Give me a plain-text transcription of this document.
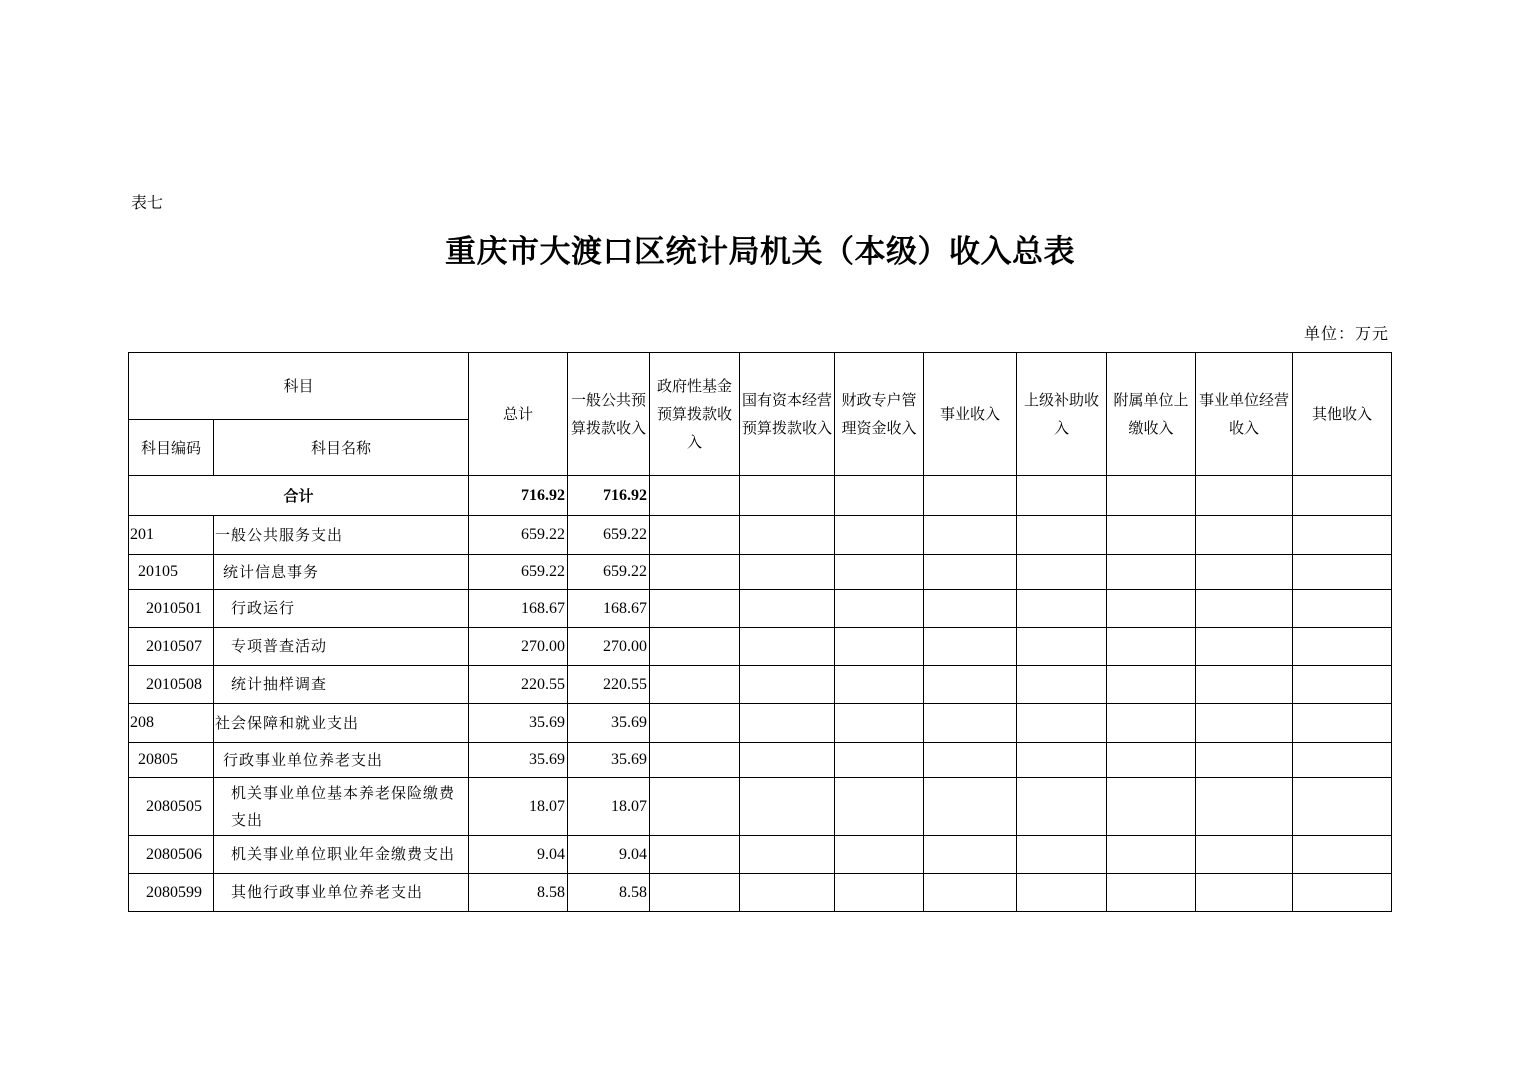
表七
重庆市大渡口区统计局机关（本级）收入总表
单位：万元
科目		总计	一般公共预算拨款收入	政府性基金预算拨款收入	国有资本经营预算拨款收入	财政专户管理资金收入	事业收入	上级补助收入	附属单位上缴收入	事业单位经营收入	其他收入
科目编码	科目名称										
合计		716.92	716.92								
201	一般公共服务支出	659.22	659.22								
20105	统计信息事务	659.22	659.22								
2010501	行政运行	168.67	168.67								
2010507	专项普查活动	270.00	270.00								
2010508	统计抽样调查	220.55	220.55								
208	社会保障和就业支出	35.69	35.69								
20805	行政事业单位养老支出	35.69	35.69								
2080505	机关事业单位基本养老保险缴费支出	18.07	18.07								
2080506	机关事业单位职业年金缴费支出	9.04	9.04								
2080599	其他行政事业单位养老支出	8.58	8.58								
